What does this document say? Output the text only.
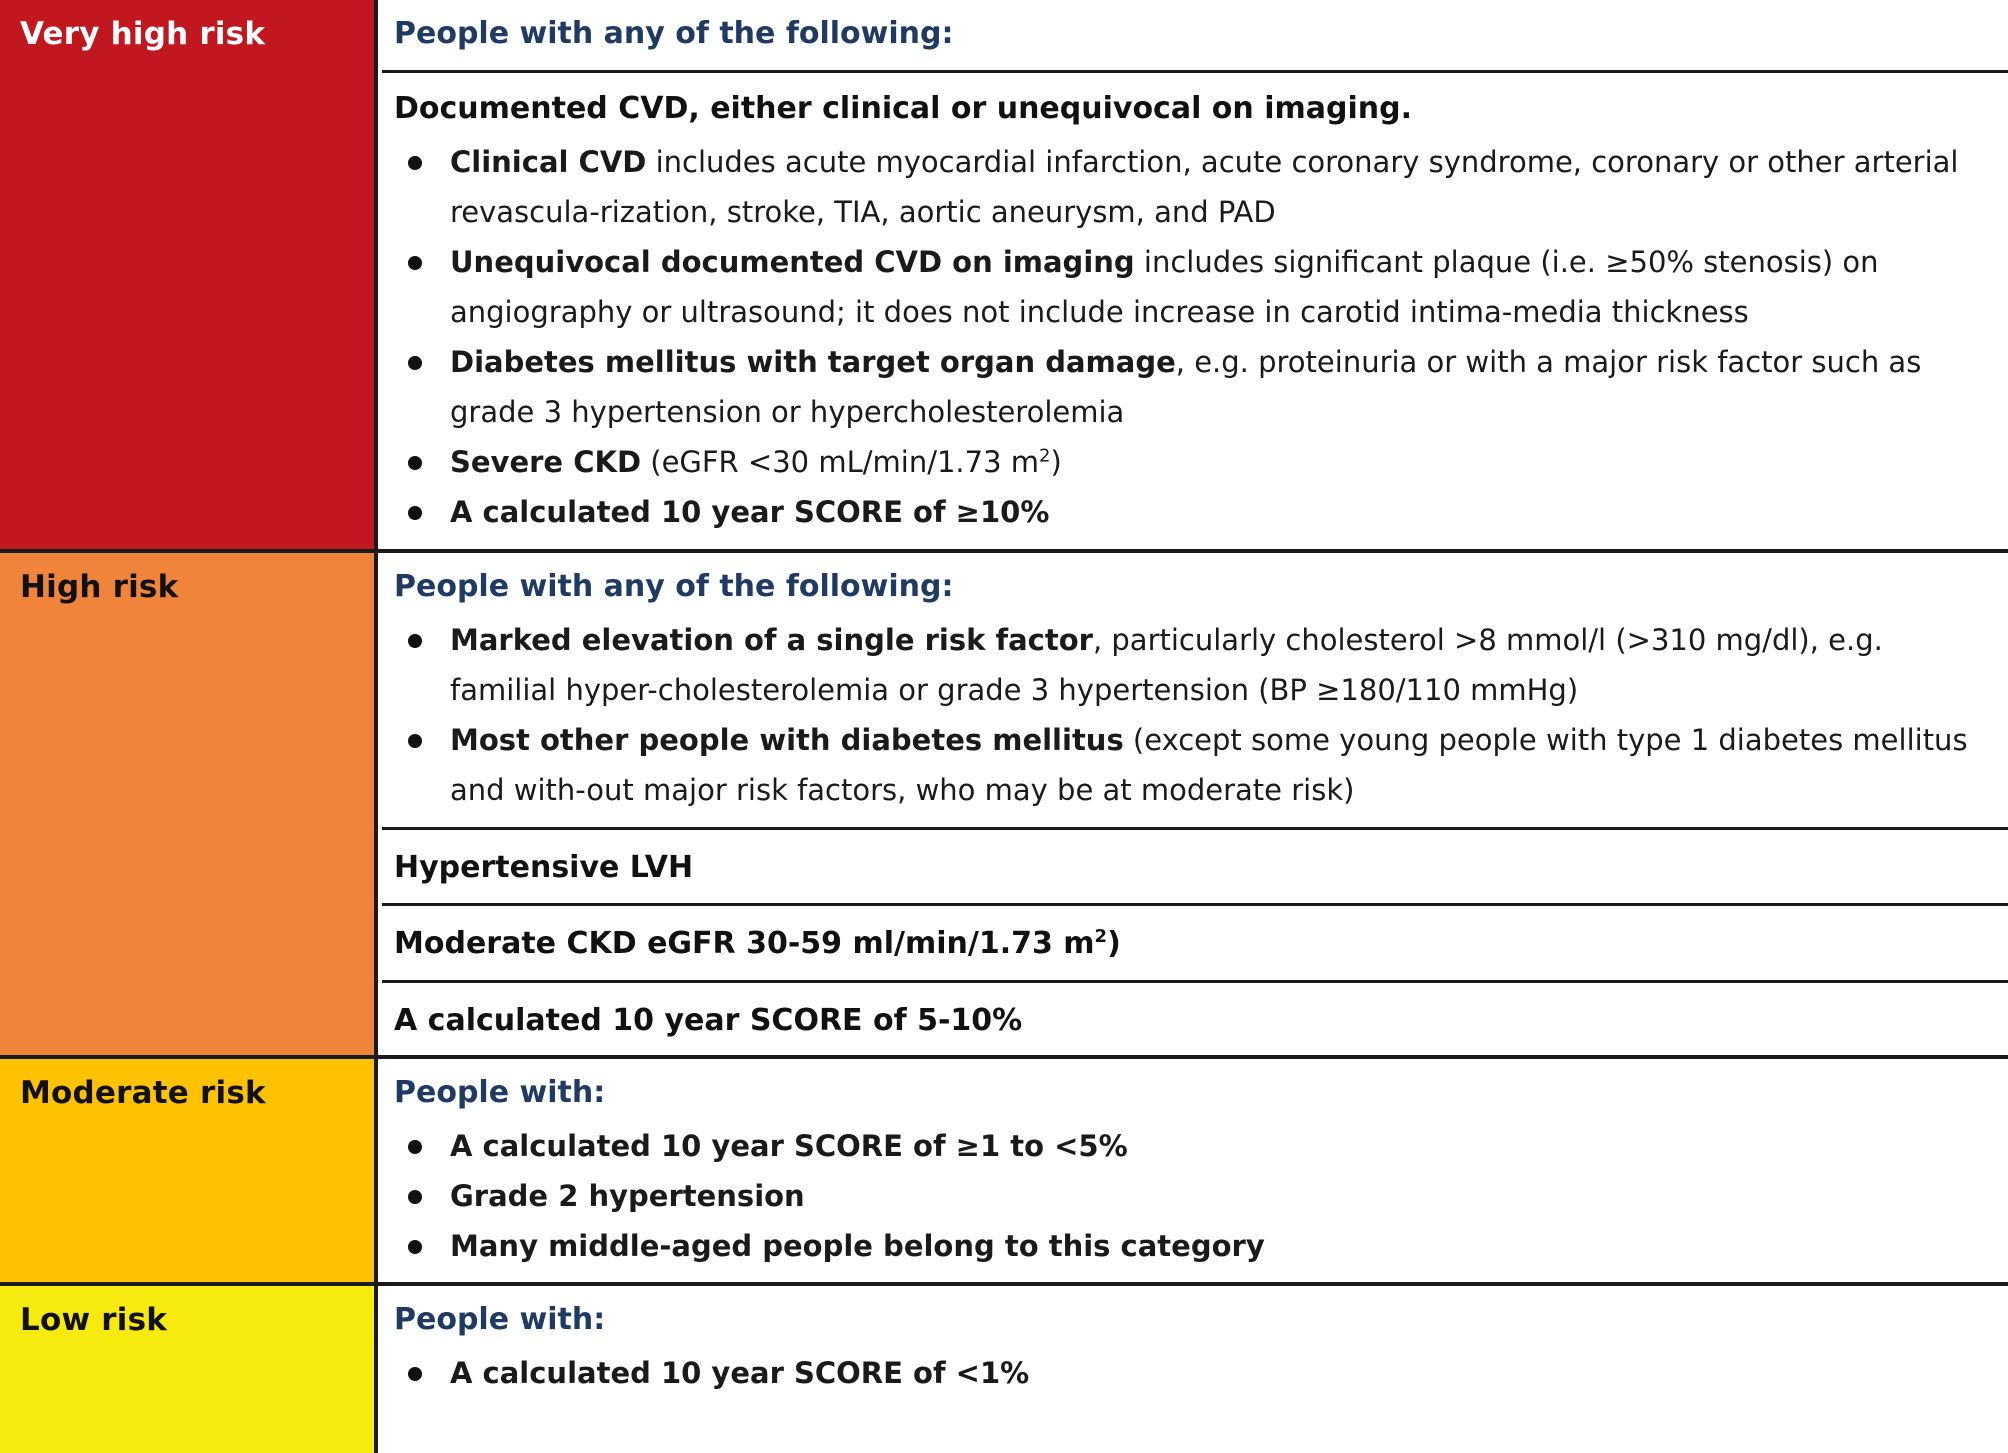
Very high risk	People with any of the following:
Documented CVD, either clinical or unequivocal on imaging.
Clinical CVD includes acute myocardial infarction, acute coronary syndrome, coronary or other arterial revascula-rization, stroke, TIA, aortic aneurysm, and PAD
Unequivocal documented CVD on imaging includes significant plaque (i.e. ≥50% stenosis) on angiography or ultrasound; it does not include increase in carotid intima-media thickness
Diabetes mellitus with target organ damage, e.g. proteinuria or with a major risk factor such as grade 3 hypertension or hypercholesterolemia
Severe CKD (eGFR <30 mL/min/1.73 $m^2$)
A calculated 10 year SCORE of ≥10%
High risk	People with any of the following:
Marked elevation of a single risk factor, particularly cholesterol >8 mmol/l (>310 mg/dl), e.g. familial hyper-cholesterolemia or grade 3 hypertension (BP ≥180/110 mmHg)
Most other people with diabetes mellitus (except some young people with type 1 diabetes mellitus and with-out major risk factors, who may be at moderate risk)
Hypertensive LVH
Moderate CKD eGFR 30-59 ml/min/1.73 $m^2$)
A calculated 10 year SCORE of 5-10%
Moderate risk	People with:
A calculated 10 year SCORE of ≥1 to <5%
Grade 2 hypertension
Many middle-aged people belong to this category
Low risk	People with:
A calculated 10 year SCORE of <1%
